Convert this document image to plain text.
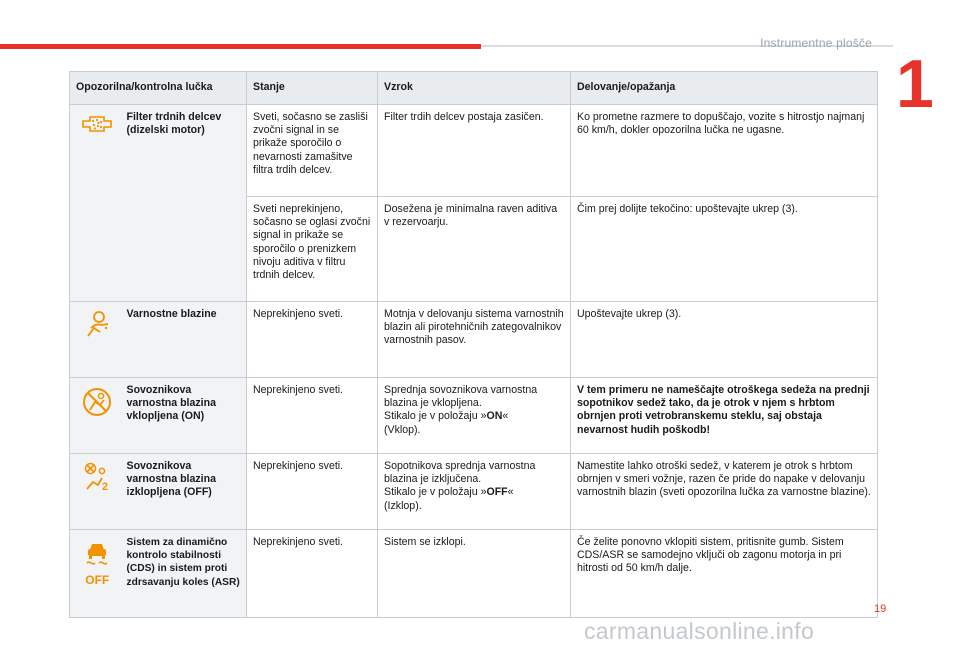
Instrumentne plošče
1
Opozorilna/kontrolna lučka		Stanje	Vzrok	Delovanje/opažanja
	Filter trdnih delcev (dizelski motor)	Sveti, sočasno se zasliši zvočni signal in se prikaže sporočilo o nevarnosti zamašitve filtra trdih delcev.	Filter trdih delcev postaja zasičen.	Ko prometne razmere to dopuščajo, vozite s hitrostjo najmanj 60 km/h, dokler opozorilna lučka ne ugasne.
		Sveti neprekinjeno, sočasno se oglasi zvočni signal in prikaže se sporočilo o prenizkem nivoju aditiva v filtru trdnih delcev.	Dosežena je minimalna raven aditiva v rezervoarju.	Čim prej dolijte tekočino: upoštevajte ukrep (3).
	Varnostne blazine	Neprekinjeno sveti.	Motnja v delovanju sistema varnostnih blazin ali pirotehničnih zategovalnikov varnostnih pasov.	Upoštevajte ukrep (3).
	Sovoznikova varnostna blazina vklopljena (ON)	Neprekinjeno sveti.	Sprednja sovoznikova varnostna blazina je vklopljena.
Stikalo je v položaju »ON«
(Vklop).	V tem primeru ne nameščajte otroškega sedeža na prednji sopotnikov sedež tako, da je otrok v njem s hrbtom obrnjen proti vetrobranskemu steklu, saj obstaja nevarnost hudih poškodb!

2	Sovoznikova varnostna blazina izklopljena (OFF)	Neprekinjeno sveti.	Sopotnikova sprednja varnostna blazina je izključena.
Stikalo je v položaju »OFF«
(Izklop).	Namestite lahko otroški sedež, v katerem je otrok s hrbtom obrnjen v smeri vožnje, razen če pride do napake v delovanju varnostnih blazin (sveti opozorilna lučka za varnostne blazine).

OFF	Sistem za dinamično kontrolo stabilnosti (CDS) in sistem proti zdrsavanju koles (ASR)	Neprekinjeno sveti.	Sistem se izklopi.	Če želite ponovno vklopiti sistem, pritisnite gumb. Sistem CDS/ASR se samodejno vključi ob zagonu motorja in pri hitrosti od 50 km/h dalje.
19
carmanualsonline.info
